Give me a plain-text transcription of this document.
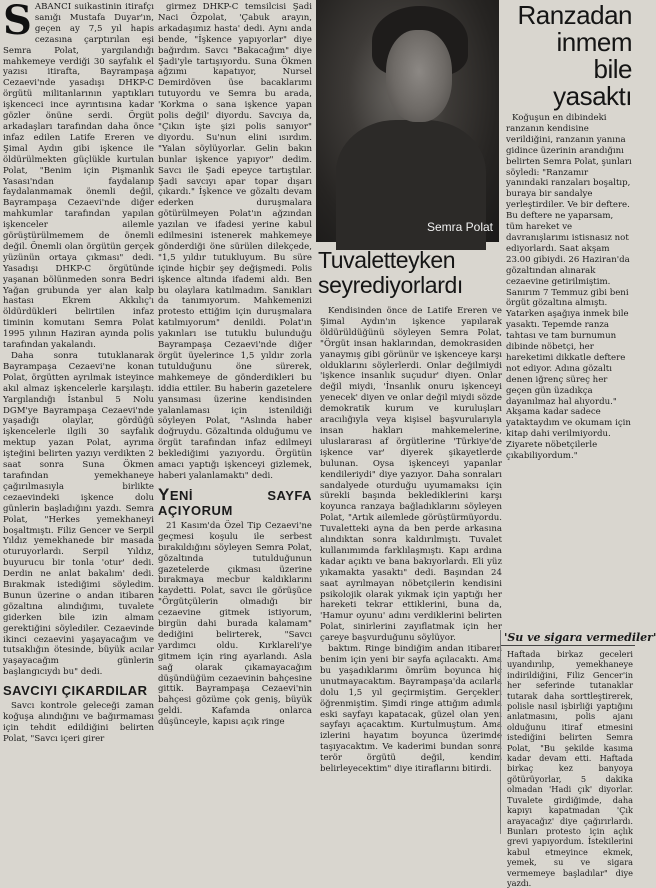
S ABANCI suikastinin itirafçı sanığı Mustafa Duyar'ın, geçen ay 7,5 yıl hapis cezasına çarptırılan eşi Semra Polat, yargılandığı mahkemeye verdiği 30 sayfalık el yazısı itirafta, Bayrampaşa Cezaevi'nde yasadışı DHKP-C örgütü militanlarının yaptıkları işkenceci ince ayrıntısına kadar gözler önüne serdi. Örgüt arkadaşları tarafından daha önce infaz edilen Latife Ereren ve Şimal Aydın gibi işkence ile öldürülmekten güçlükle kurtulan Polat, "Benim için Pişmanlık Yasası'ndan faydalanıp faydalanmamak önemli değil, Bayrampaşa Cezaevi'nde diğer mahkumlar tarafından yapılan işkenceler ailemle görüştürülmemem de önemli değil. Önemli olan örgütün gerçek yüzünün ortaya çıkması" dedi. Yasadışı DHKP-C örgütünde yaşanan bölünmeden sonra Bedri Yağan grubunda yer alan kalp hastası Ekrem Akkılıç'ı öldürdükleri belirtilen infaz timinin komutanı Semra Polat 1995 yılının Haziran ayında polis tarafından yakalandı.

Daha sonra tutuklanarak Bayrampaşa Cezaevi'ne konan Polat, örgütten ayrılmak isteyince akıl almaz işkencelerle karşılaştı. Yargılandığı İstanbul 5 Nolu DGM'ye Bayrampaşa Cezaevi'nde yaşadığı olaylar, gördüğü işkencelerle ilgili 30 sayfalık mektup yazan Polat, ayrıma işteğini belirten yazıyı verdikten 2 saat sonra Suna Ökmen tarafından yemekhaneye çağırılmasıyla birlikte cezaevindeki işkence dolu günlerin başladığını yazdı. Semra Polat, "Herkes yemekhaneyi boşaltmıştı. Filiz Gencer ve Serpil Yıldız yemekhanede bir masada oturuyorlardı. Serpil Yıldız, buyurucu bir tonla 'otur' dedi. Derdin ne anlat bakalım' dedi. Bırakmak istediğimi söyledim. Bunun üzerine o andan itibaren gözaltına alındığımı, tuvalete giderken bile izin almam gerektiğini söylediler. Cezaevinde ikinci cezaevini yaşayacağım ve tutsaklığın ötesinde, büyük acılar yaşayacağım günlerin başlangıcıydı bu" dedi.

SAVCIYI ÇIKARDILAR

Savcı kontrole geleceği zaman koğuşa alındığını ve bağırmaması için tehdit edildiğini belirten Polat, "Savcı içeri girer

girmez DHKP-C temsilcisi Şadi Naci Özpolat, 'Çabuk arayın, arkadaşımız hasta' dedi. Aynı anda bende, "İşkence yapıyorlar" diye bağırdım. Savcı "Bakacağım" diye Şadi'yle tartışıyordu. Suna Ökmen ağzımı kapatıyor, Nursel Demirdöven üse bacaklarımı tutuyordu ve Semra bu arada, 'Korkma o sana işkence yapan polis değil' diyordu. Savcıya da, "Çıkın işte şizi polis sanıyor" diyordu. Su'nun elini ısırdım. "Yalan söylüyorlar. Gelin bakın bunlar işkence yapıyor" dedim. Savcı ile Şadi epeyce tartıştılar. Şadi savcıyı apar topar dışarı çıkardı." İşkence ve gözaltı devam ederken duruşmalara götürülmeyen Polat'ın ağzından yazılan ve ifadesi yerine kabul edilmesini istenerek mahkemeye gönderdiği öne sürülen dilekçede, "1,5 yıldır tutukluyum. Bu süre içinde hiçbir şey değişmedi. Polis işkence altında ifademi aldı. Ben bu olaylara katılmadım. Sanıkları da tanımıyorum. Mahkemenizi protesto ettiğim için duruşmalara katılmıyorum" denildi. Polat'ın yakınları ise tutuklu bulunduğu Bayrampaşa Cezaevi'nde diğer örgüt üyelerince 1,5 yıldır zorla tutulduğunu öne sürerek, mahkemeye de gönderdikleri bu iddia ettiler. Bu haberin gazetelere yansıması üzerine kendisinden yalanlaması için istenildiği söyleyen Polat, "Aslında haber doğruydu. Gözaltında olduğumu ve örgüt tarafından infaz edilmeyi beklediğimi yazıyordu. Örgütün amacı yaptığı işkenceyi gizlemek, haberi yalanlamaktı" dedi.

YENİ SAYFA AÇIYORUM

21 Kasım'da Özel Tip Cezaevi'ne geçmesi koşulu ile serbest bırakıldığını söyleyen Semra Polat, gözaltında tutulduğunun gazetelerde çıkması üzerine bırakmaya mecbur kaldıklarını kaydetti. Polat, savcı ile görüşüce "Örgütçülerin olmadığı bir cezaevine gitmek istiyorum, birgün dahi burada kalamam" dediğini belirterek, "Savcı yardımcı oldu. Kırklareli'ye gitmem için ring ayarlandı. Asla sağ olarak çıkamayacağım düşündüğüm cezaevinin bahçesine gittik. Bayrampaşa Cezaevi'nin bahçesi gözüme çok geniş, büyük geldi. Kafamda onlarca düşünceyle, kapısı açık ringe

Semra Polat
Ranzadan
inmem
bile
yasaktı
Tuvaletteyken
seyrediyorlardı

Kendisinden önce de Latife Ereren ve Şimal Aydın'ın işkence yapılarak öldürüldüğünü söyleyen Semra Polat, "Örgüt insan haklarından, demokrasiden yanaymış gibi görünür ve işkenceye karşı olduklarını söylerlerdi. Onlar değilmiydi 'işkence insanlık suçudur' diyen. Onlar değil miydi, 'İnsanlık onuru işkenceyi yenecek' diyen ve onlar değil miydi sözde demokratik kurum ve kuruluşları aracılığıyla veya kişisel başvurularıyla insan hakları mahkemelerine, uluslararası af örgütlerine 'Türkiye'de işkence var' diyerek şikayetlerde bulunan. Oysa işkenceyi yapanlar kendileriydi" diye yazıyor. Daha sonraları sandalyede oturduğu uyumamaksı için sürekli başında beklediklerini karşı koyunca ranzaya bağladıklarını söyleyen Polat, "Artık ailemlede görüştürmüyordu. Tuvaletteki ayna da ben perde arkasına alındıktan sonra kaldırılmıştı. Tuvalet kullanımımda farklılaşmıştı. Kapı ardına kadar açıktı ve bana bakıyorlardı. Eli yüz yıkamakta yasaktı" dedi. Başından 24 saat ayrılmayan nöbetçilerin kendisini psikolojik olarak yıkmak için yaptığı her hareketi tekrar ettiklerini, buna da, 'Hamur oyunu' adını verdiklerini belirten Polat, sinirlerini zayıflatmak için her çareye başvurduğunu söylüyor.

baktım. Ringe bindiğim andan itibaren benim için yeni bir sayfa açılacaktı. Ama bu yaşadıklarımı ömrüm boyunca hiç unutmayacaktım. Bayrampaşa'da acılarla dolu 1,5 yıl geçirmiştim. Gerçekleri öğrenmiştim. Şimdi ringe attığım adımla eski sayfayı kapatacak, güzel olan yeni sayfayı açacaktım. Kurtulmuştum. Ama izlerini hayatım boyunca üzerimde taşıyacaktım. Ve kaderimi bundan sonra terör örgütü değil, kendim belirleyecektim" diye itiraflarını bitirdi.

Koğuşun en dibindeki ranzanın kendisine verildiğini, ranzanın yanına gidince üzerinin arandığını belirten Semra Polat, şunları söyledi: "Ranzamır yanındaki ranzaları boşaltıp, buraya bir sandalye yerleştirdiler. Ve bir deftere. Bu deftere ne yaparsam, tüm hareket ve davranışlarımı istisnasız not ediyorlardı. Saat akşam 23.00 gibiydi. 26 Haziran'da gözaltından alınarak cezaevine getirilmiştim. Sanırım 7 Temmuz gibi beni örgüt gözaltına almıştı. Yatarken aşağıya inmek bile yasaktı. Tepemde ranza tahtası ve tam burnumun dibinde nöbetçi, her hareketimi dikkatle deftere not ediyor. Adına gözaltı denen iğrenç süreç her geçen gün üzadıkça dayanılmaz hal alıyordu." Akşama kadar sadece yataktaydım ve okumam için kitap dahi verilmiyordu. Ziyarete nöbetçilerle çıkabiliyordum."

'Su ve sigara vermediler'
Haftada birkaz geceleri uyandırılıp, yemekhaneye indirildiğini, Filiz Gencer'in her seferinde tutanaklar tutarak daha sorttleştirerek, polisle nasıl işbirliği yaptığını anlatmasını, polis ajanı olduğunu itiraf etmesini istediğini belirten Semra Polat, "Bu şekilde kasıma kadar devam etti. Haftada birkaç kez banyoya götürüyorlar, 5 dakika olmadan 'Hadi çık' diyorlar. Tuvalete girdiğimde, daha kapıyı kapatmadan 'Çık arayacağız' diye çağırırlardı. Bunları protesto için açlık grevi yapıyordum. İstekilerini kabul etmeyince ekmek, yemek, su ve sigara vermemeye başladılar" diye yazdı.
